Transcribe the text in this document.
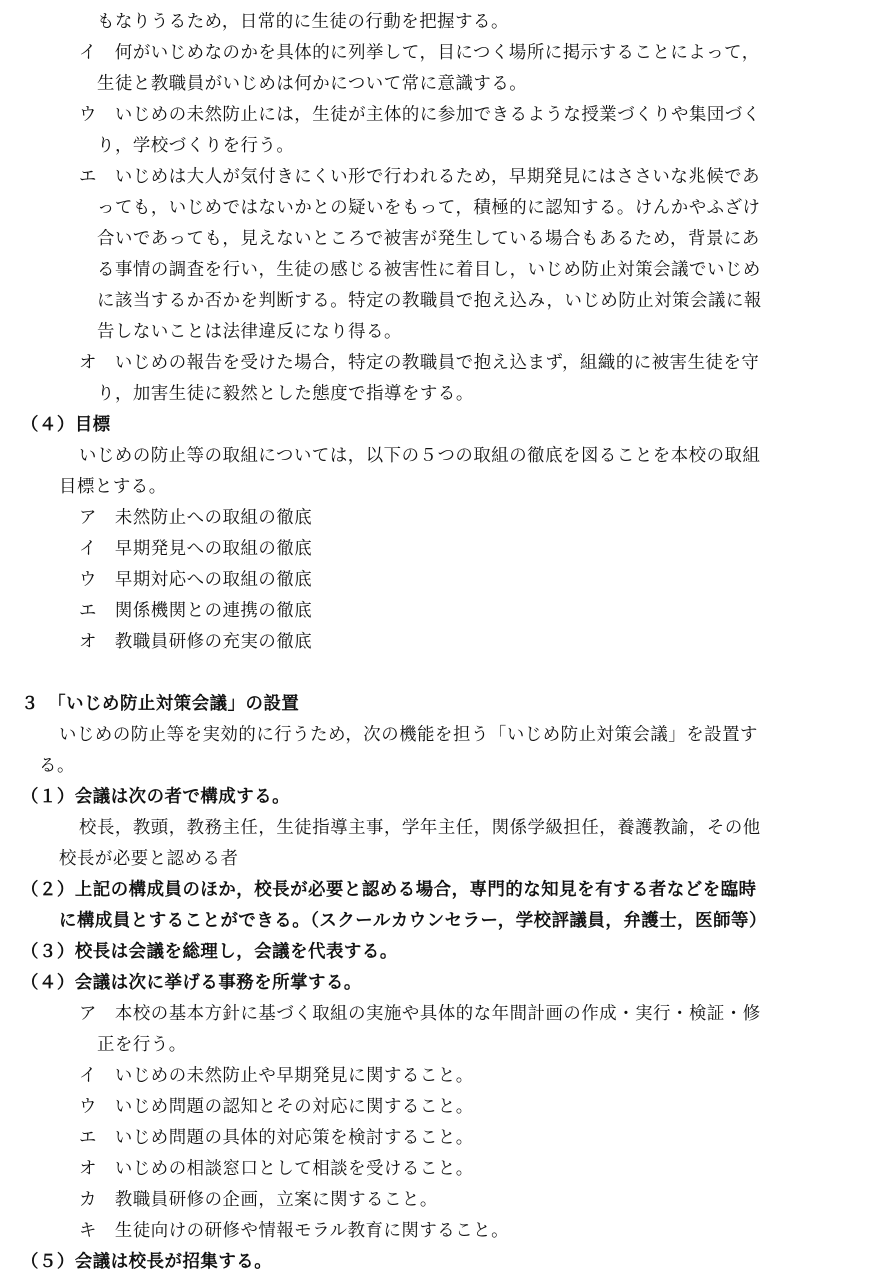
もなりうるため，日常的に生徒の行動を把握する。
イ　何がいじめなのかを具体的に列挙して，目につく場所に掲示することによって，
生徒と教職員がいじめは何かについて常に意識する。
ウ　いじめの未然防止には，生徒が主体的に参加できるような授業づくりや集団づく
り，学校づくりを行う。
エ　いじめは大人が気付きにくい形で行われるため，早期発見にはささいな兆候であ
っても，いじめではないかとの疑いをもって，積極的に認知する。けんかやふざけ
合いであっても，見えないところで被害が発生している場合もあるため，背景にあ
る事情の調査を行い，生徒の感じる被害性に着目し，いじめ防止対策会議でいじめ
に該当するか否かを判断する。特定の教職員で抱え込み，いじめ防止対策会議に報
告しないことは法律違反になり得る。
オ　いじめの報告を受けた場合，特定の教職員で抱え込まず，組織的に被害生徒を守
り，加害生徒に毅然とした態度で指導をする。
（４）目標
いじめの防止等の取組については，以下の５つの取組の徹底を図ることを本校の取組
目標とする。
ア　未然防止への取組の徹底
イ　早期発見への取組の徹底
ウ　早期対応への取組の徹底
エ　関係機関との連携の徹底
オ　教職員研修の充実の徹底
３　「いじめ防止対策会議」の設置
いじめの防止等を実効的に行うため，次の機能を担う「いじめ防止対策会議」を設置す
る。
（１）会議は次の者で構成する。
校長，教頭，教務主任，生徒指導主事，学年主任，関係学級担任，養護教諭，その他
校長が必要と認める者
（２）上記の構成員のほか，校長が必要と認める場合，専門的な知見を有する者などを臨時
に構成員とすることができる。（スクールカウンセラー，学校評議員，弁護士，医師等）
（３）校長は会議を総理し，会議を代表する。
（４）会議は次に挙げる事務を所掌する。
ア　本校の基本方針に基づく取組の実施や具体的な年間計画の作成・実行・検証・修
正を行う。
イ　いじめの未然防止や早期発見に関すること。
ウ　いじめ問題の認知とその対応に関すること。
エ　いじめ問題の具体的対応策を検討すること。
オ　いじめの相談窓口として相談を受けること。
カ　教職員研修の企画，立案に関すること。
キ　生徒向けの研修や情報モラル教育に関すること。
（５）会議は校長が招集する。
